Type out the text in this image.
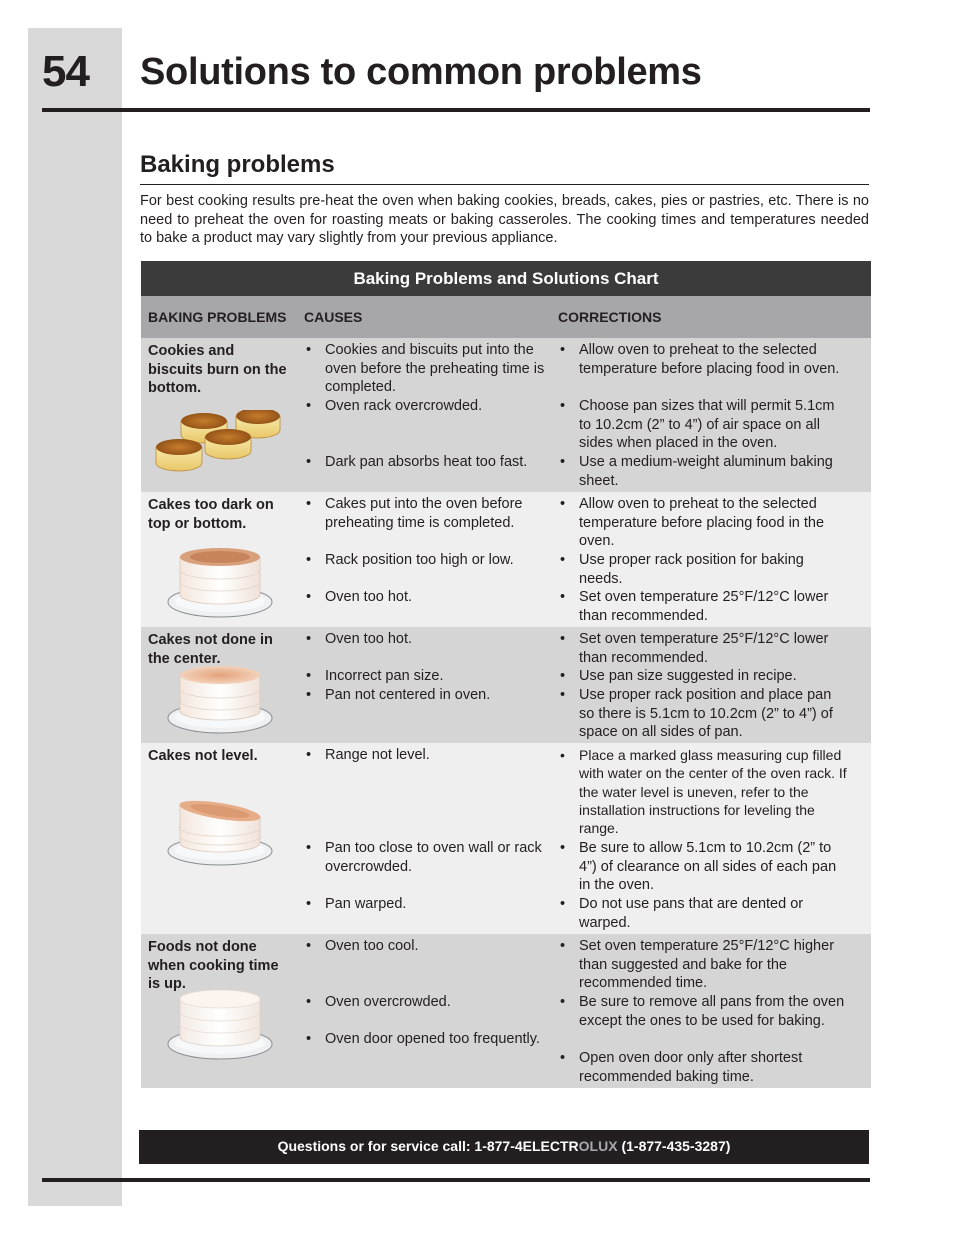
54 Solutions to common problems
Baking problems

For best cooking results pre-heat the oven when baking cookies, breads, cakes, pies or pastries, etc. There is no need to preheat the oven for roasting meats or baking casseroles. The cooking times and temperatures needed to bake a product may vary slightly from your previous appliance.

Baking Problems and Solutions Chart
BAKING PROBLEMS	CAUSES	CORRECTIONS
Cookies and biscuits burn on the bottom.
• Cookies and biscuits put into the oven before the preheating time is completed.
• Oven rack overcrowded.
• Dark pan absorbs heat too fast.
• Allow oven to preheat to the selected temperature before placing food in oven.
• Choose pan sizes that will permit 5.1cm to 10.2cm (2” to 4”) of air space on all sides when placed in the oven.
• Use a medium-weight aluminum baking sheet.
Cakes too dark on top or bottom.
• Cakes put into the oven before preheating time is completed.
• Rack position too high or low.
• Oven too hot.
• Allow oven to preheat to the selected temperature before placing food in the oven.
• Use proper rack position for baking needs.
• Set oven temperature 25°F/12°C lower than recommended.
Cakes not done in the center.
• Oven too hot.
• Incorrect pan size.
• Pan not centered in oven.
• Set oven temperature 25°F/12°C lower than recommended.
• Use pan size suggested in recipe.
• Use proper rack position and place pan so there is 5.1cm to 10.2cm (2” to 4”) of space on all sides of pan.
Cakes not level.
•	Range not level.
• Pan too close to oven wall or rack overcrowded.
• Pan warped.
• Place a marked glass measuring cup filled with water on the center of the oven rack. If the water level is uneven, refer to the installation instructions for leveling the range.
• Be sure to allow 5.1cm to 10.2cm (2” to 4”) of clearance on all sides of each pan in the oven.
• Do not use pans that are dented or warped.
Foods not done when cooking time is up.
• Oven too cool.
• Oven overcrowded.
• Oven door opened too frequently.
• Set oven temperature 25°F/12°C higher than suggested and bake for the recommended time.
• Be sure to remove all pans from the oven except the ones to be used for baking.
• Open oven door only after shortest recommended baking time.
Questions or for service call: 1-877-4ELECTROLUX (1-877-435-3287)
